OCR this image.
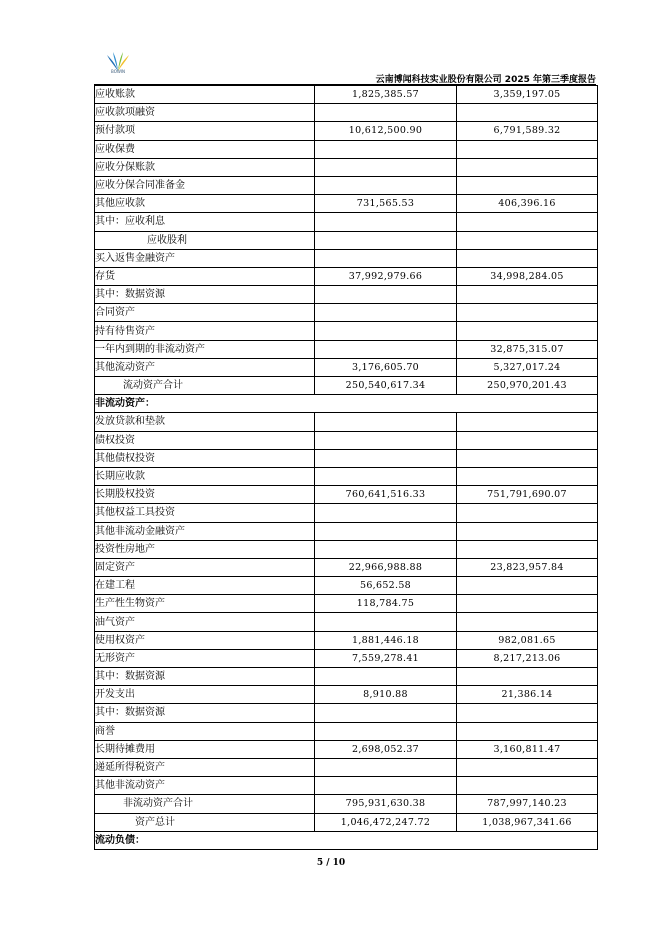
BOWIN
云南博闻科技实业股份有限公司 2025 年第三季度报告
应收账款	1,825,385.57	3,359,197.05
应收款项融资		
预付款项	10,612,500.90	6,791,589.32
应收保费		
应收分保账款		
应收分保合同准备金		
其他应收款	731,565.53	406,396.16
其中：应收利息		
应收股利		
买入返售金融资产		
存货	37,992,979.66	34,998,284.05
其中：数据资源		
合同资产		
持有待售资产		
一年内到期的非流动资产		32,875,315.07
其他流动资产	3,176,605.70	5,327,017.24
流动资产合计	250,540,617.34	250,970,201.43
非流动资产：		
发放贷款和垫款		
债权投资		
其他债权投资		
长期应收款		
长期股权投资	760,641,516.33	751,791,690.07
其他权益工具投资		
其他非流动金融资产		
投资性房地产		
固定资产	22,966,988.88	23,823,957.84
在建工程	56,652.58	
生产性生物资产	118,784.75	
油气资产		
使用权资产	1,881,446.18	982,081.65
无形资产	7,559,278.41	8,217,213.06
其中：数据资源		
开发支出	8,910.88	21,386.14
其中：数据资源		
商誉		
长期待摊费用	2,698,052.37	3,160,811.47
递延所得税资产		
其他非流动资产		
非流动资产合计	795,931,630.38	787,997,140.23
资产总计	1,046,472,247.72	1,038,967,341.66
流动负债：		
5 / 10
